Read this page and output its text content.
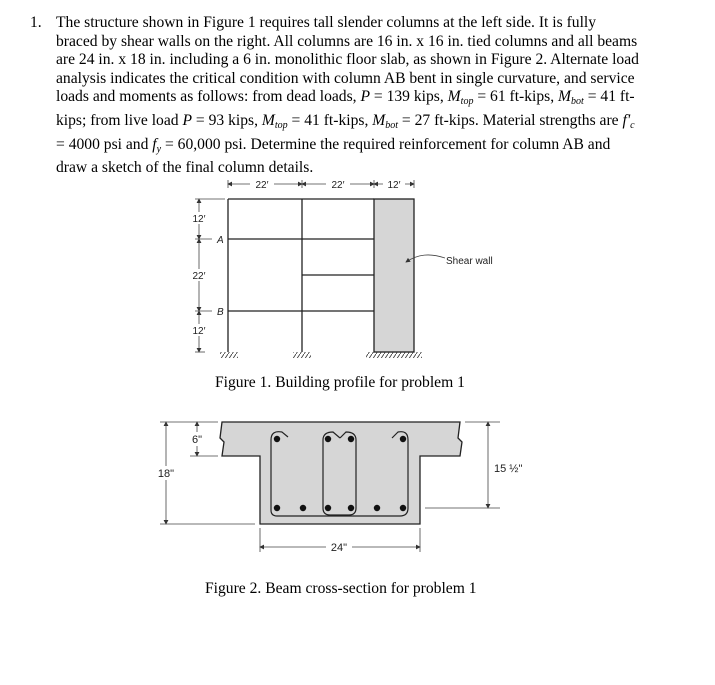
1. The structure shown in Figure 1 requires tall slender columns at the left side. It is fully
braced by shear walls on the right. All columns are 16 in. x 16 in. tied columns and all beams
are 24 in. x 18 in. including a 6 in. monolithic floor slab, as shown in Figure 2. Alternate load
analysis indicates the critical condition with column AB bent in single curvature, and service
loads and moments as follows: from dead loads, P = 139 kips, $M_{top} = 61$ ft-kips, $M_{bot} = 41$ ft-
kips; from live load P = 93 kips, $M_{top} = 41$ ft-kips, $M_{bot} = 27$ ft-kips. Material strengths are $f'_c$
= 4000 psi and $f_y = 60,000$ psi. Determine the required reinforcement for column AB and
draw a sketch of the final column details.
22′	22′	12′
12′
22′
12′
A
B
Shear wall
6"
18"	15 ½"
24"
Figure 1. Building profile for problem 1
Figure 2. Beam cross-section for problem 1
